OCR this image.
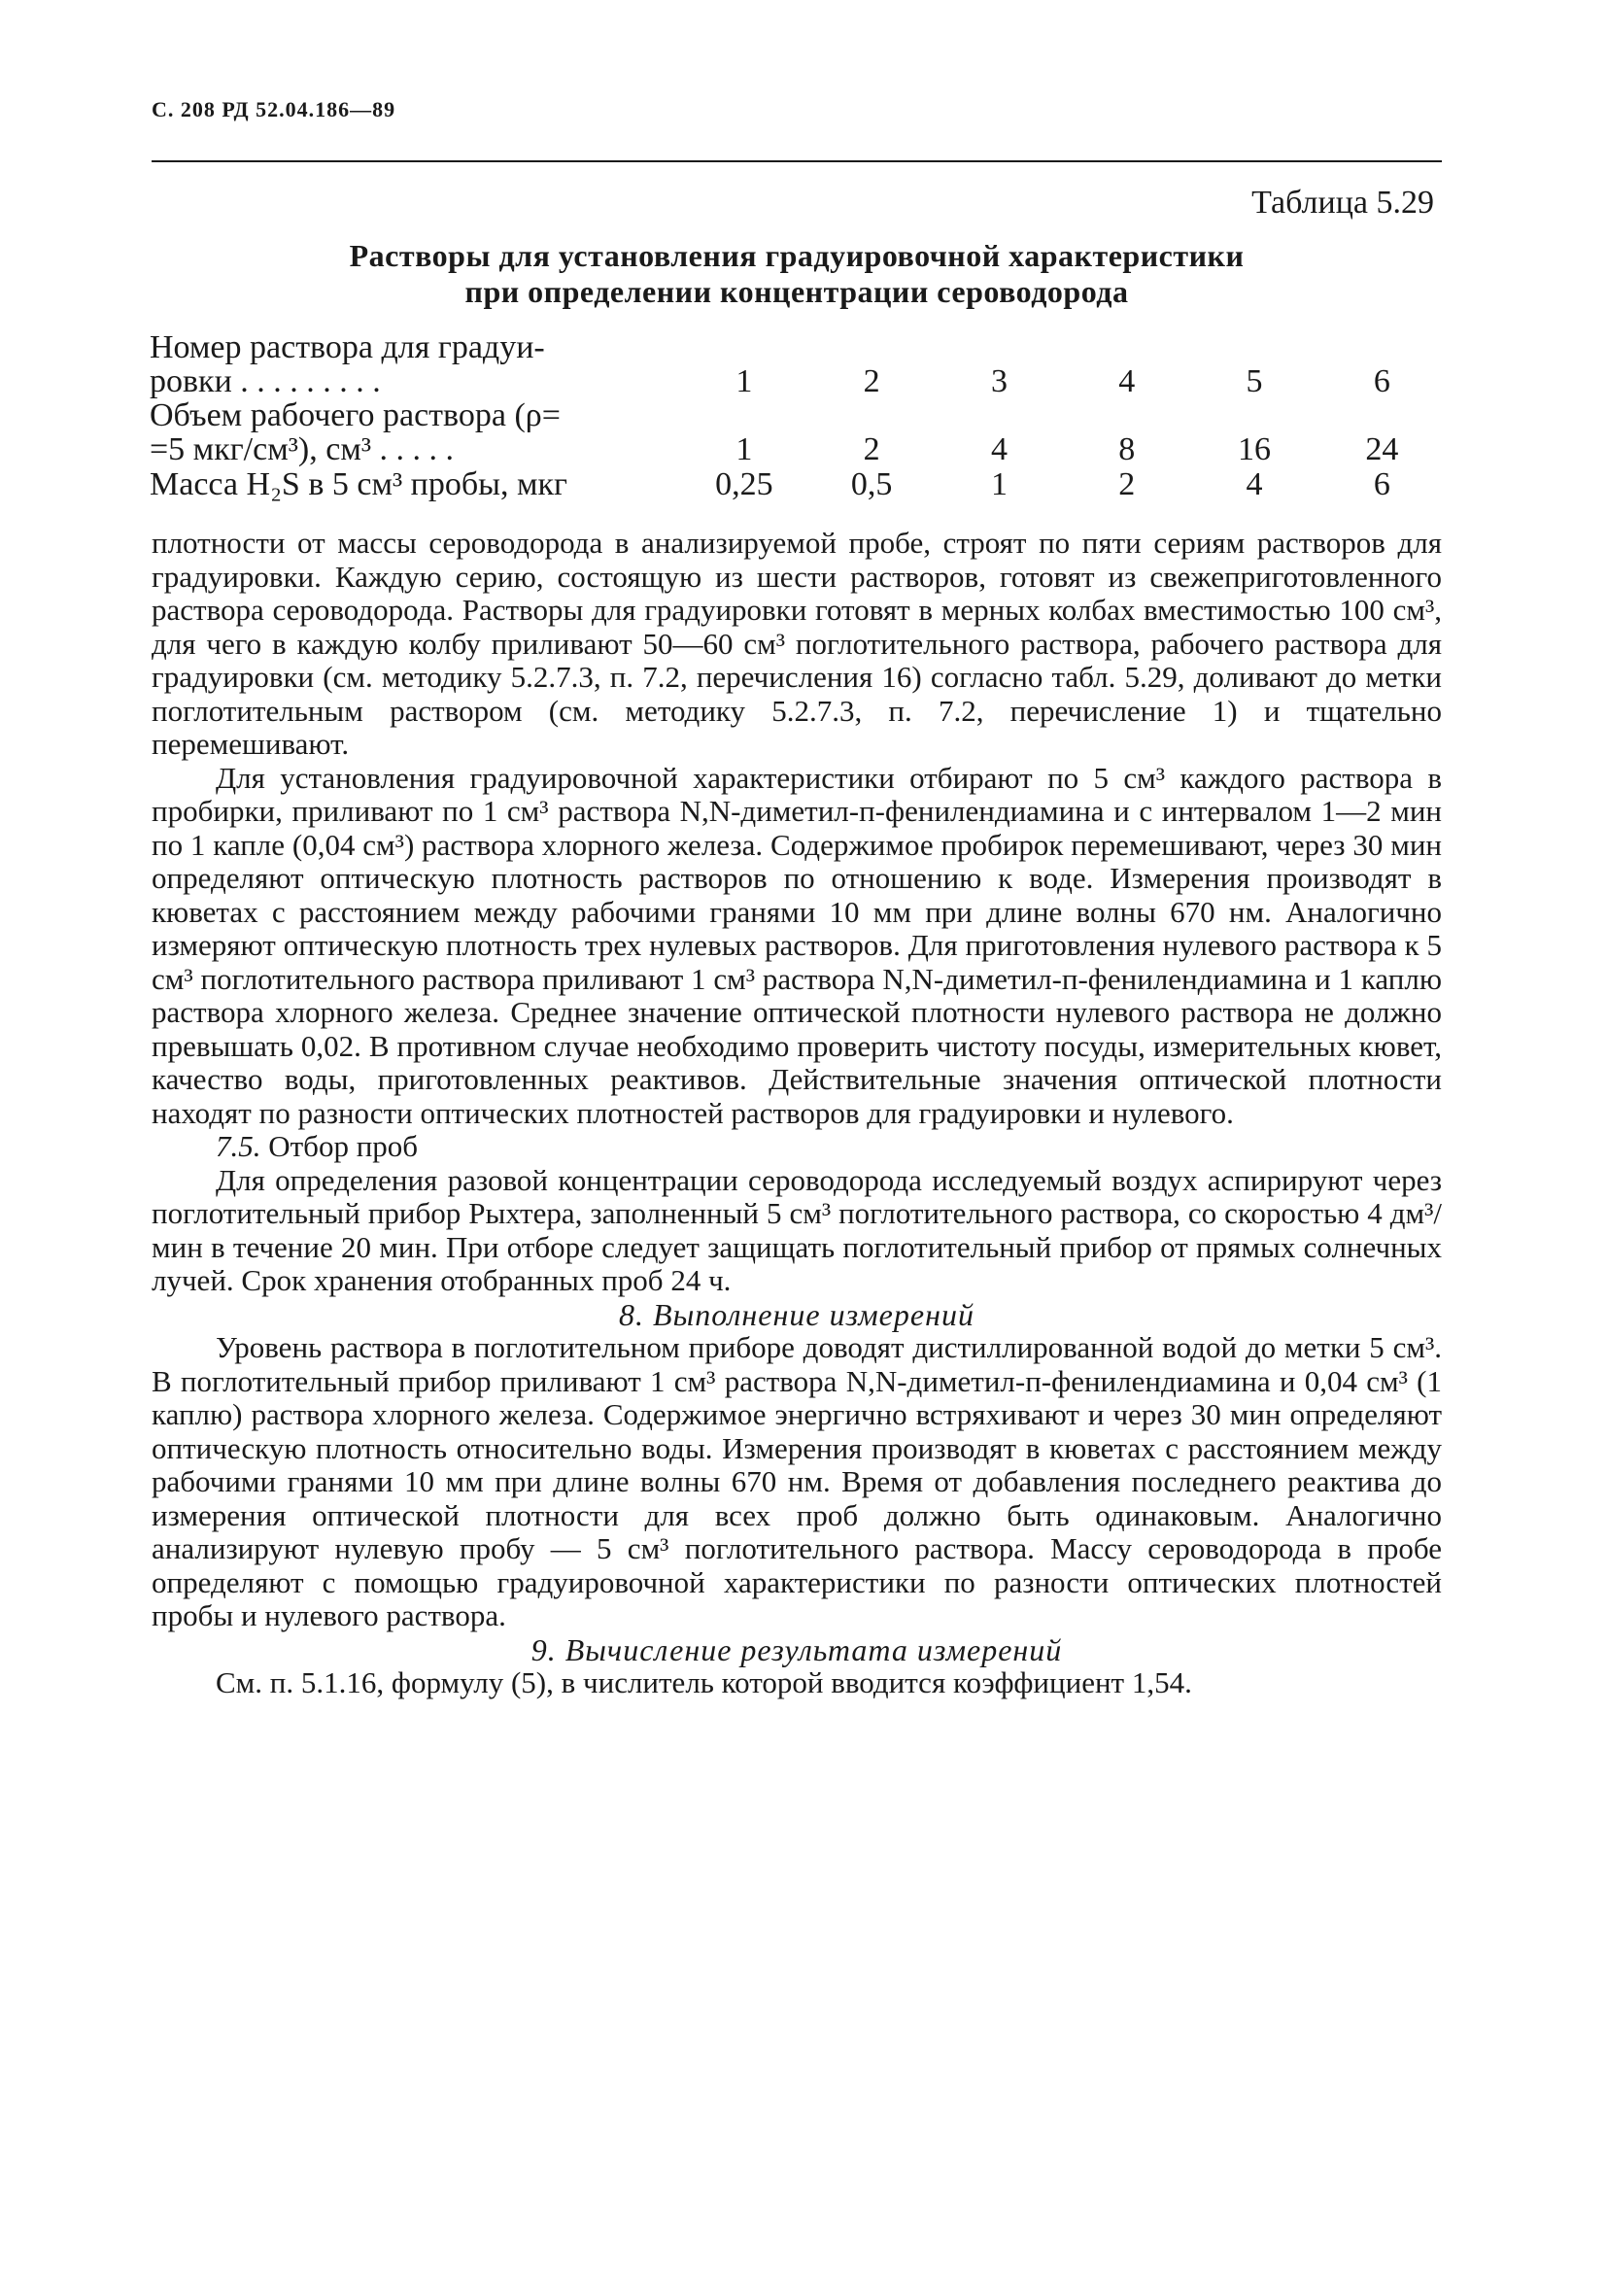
С. 208 РД 52.04.186—89
Таблица 5.29
Растворы для установления градуировочной характеристики
при определении концентрации сероводорода
Номер раствора для градуи-
ровки . . . . . . . . .	1	2	3	4	5	6

Объем рабочего раствора (ρ=
=5 мкг/см³), см³ . . . . .	1	2	4	8	16	24
Масса H₂S в 5 см³ пробы, мкг	0,25	0,5	1	2	4	6

плотности от массы сероводорода в анализируемой пробе, строят по пяти сериям растворов для градуировки. Каждую серию, состоящую из шести растворов, готовят из свежеприготовленного раствора сероводорода. Растворы для градуировки готовят в мерных колбах вместимостью 100 см³, для чего в каждую колбу приливают 50—60 см³ поглотительного раствора, рабочего раствора для градуировки (см. методику 5.2.7.3, п. 7.2, перечисления 16) согласно табл. 5.29, доливают до метки поглотительным раствором (см. методику 5.2.7.3, п. 7.2, перечисление 1) и тщательно перемешивают.

Для установления градуировочной характеристики отбирают по 5 см³ каждого раствора в пробирки, приливают по 1 см³ раствора N,N-диметил-п-фенилендиамина и с интервалом 1—2 мин по 1 капле (0,04 см³) раствора хлорного железа. Содержимое пробирок перемешивают, через 30 мин определяют оптическую плотность растворов по отношению к воде. Измерения производят в кюветах с расстоянием между рабочими гранями 10 мм при длине волны 670 нм. Аналогично измеряют оптическую плотность трех нулевых растворов. Для приготовления нулевого раствора к 5 см³ поглотительного раствора приливают 1 см³ раствора N,N-диметил-п-фенилендиамина и 1 каплю раствора хлорного железа. Среднее значение оптической плотности нулевого раствора не должно превышать 0,02. В противном случае необходимо проверить чистоту посуды, измерительных кювет, качество воды, приготовленных реактивов. Действительные значения оптической плотности находят по разности оптических плотностей растворов для градуировки и нулевого.

7.5. Отбор проб

Для определения разовой концентрации сероводорода исследуемый воздух аспирируют через поглотительный прибор Рыхтера, заполненный 5 см³ поглотительного раствора, со скоростью 4 дм³/мин в течение 20 мин. При отборе следует защищать поглотительный прибор от прямых солнечных лучей. Срок хранения отобранных проб 24 ч.

8. Выполнение измерений

Уровень раствора в поглотительном приборе доводят дистиллированной водой до метки 5 см³. В поглотительный прибор приливают 1 см³ раствора N,N-диметил-п-фенилендиамина и 0,04 см³ (1 каплю) раствора хлорного железа. Содержимое энергично встряхивают и через 30 мин определяют оптическую плотность относительно воды. Измерения производят в кюветах с расстоянием между рабочими гранями 10 мм при длине волны 670 нм. Время от добавления последнего реактива до измерения оптической плотности для всех проб должно быть одинаковым. Аналогично анализируют нулевую пробу — 5 см³ поглотительного раствора. Массу сероводорода в пробе определяют с помощью градуировочной характеристики по разности оптических плотностей пробы и нулевого раствора.

9. Вычисление результата измерений

См. п. 5.1.16, формулу (5), в числитель которой вводится коэффициент 1,54.
